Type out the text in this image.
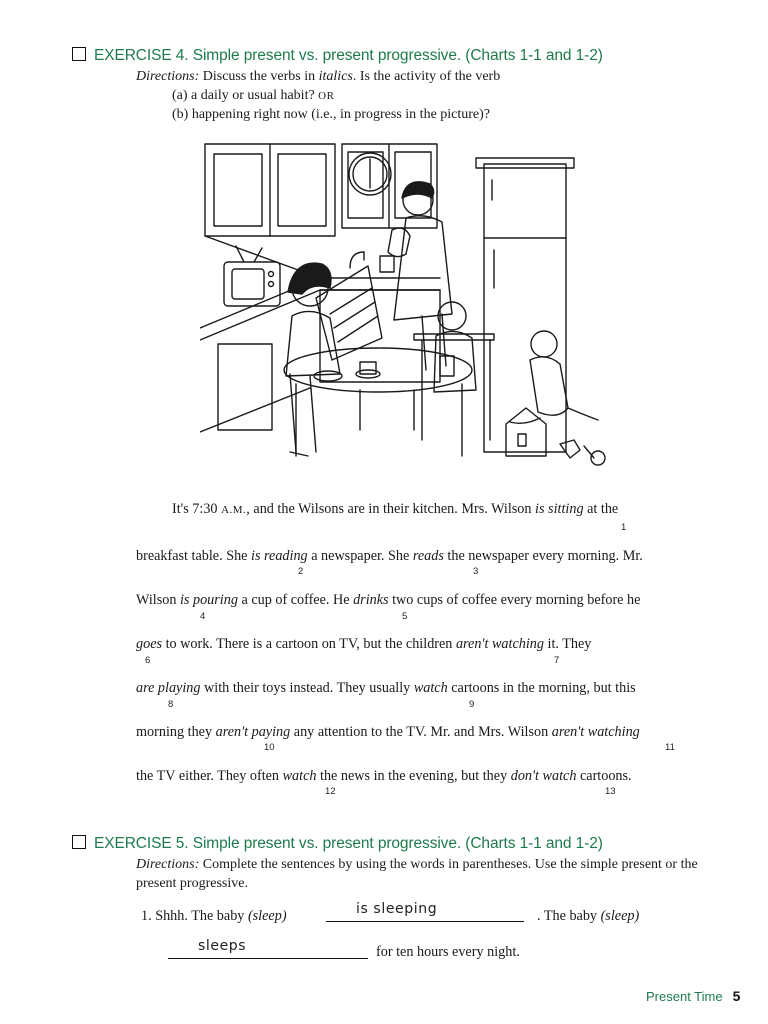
EXERCISE 4. Simple present vs. present progressive. (Charts 1-1 and 1-2)
Directions: Discuss the verbs in italics. Is the activity of the verb
(a) a daily or usual habit? OR
(b) happening right now (i.e., in progress in the picture)?
It's 7:30 A.M., and the Wilsons are in their kitchen. Mrs. Wilson is sitting at the
1
breakfast table. She is reading a newspaper. She reads the newspaper every morning. Mr.
2	3
Wilson is pouring a cup of coffee. He drinks two cups of coffee every morning before he
4	5
goes to work. There is a cartoon on TV, but the children aren't watching it. They
6	7
are playing with their toys instead. They usually watch cartoons in the morning, but this
8	9
morning they aren't paying any attention to the TV. Mr. and Mrs. Wilson aren't watching
10	11
the TV either. They often watch the news in the evening, but they don't watch cartoons.
12	13
EXERCISE 5. Simple present vs. present progressive. (Charts 1-1 and 1-2)
Directions: Complete the sentences by using the words in parentheses. Use the simple present or the present progressive.
1. Shhh. The baby (sleep)	is sleeping	. The baby (sleep)
sleeps	for ten hours every night.
Present Time 5
